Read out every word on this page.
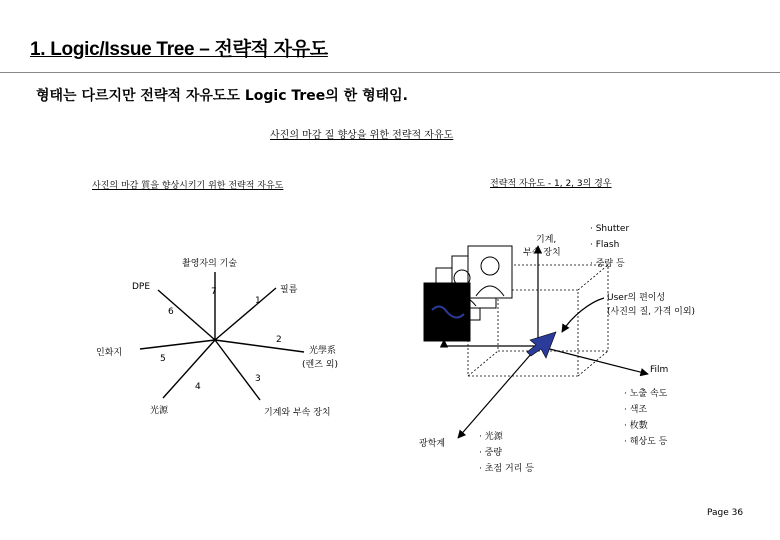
1. Logic/Issue Tree – 전략적 자유도
형태는 다르지만 전략적 자유도도 Logic Tree의 한 형태임.
사진의 마감 질 향상을 위한 전략적 자유도
사진의 마감 質을 향상시키기 위한 전략적 자유도
촬영자의 기술
필름
DPE
인화지	光學系
(렌즈 외)
光源	기계와 부속 장치
1
2
3
4
5
6
7
전략적 자유도 - 1, 2, 3의 경우
기계,
부속 장치
· Shutter
· Flash
· 중량 등
User의 편이성
(사진의 질, 가격 이외)
Film
· 노출 속도
· 색조
· 枚數
· 해상도 등
광학계
· 光源
· 중량
· 초점 거리 등
Page 36
